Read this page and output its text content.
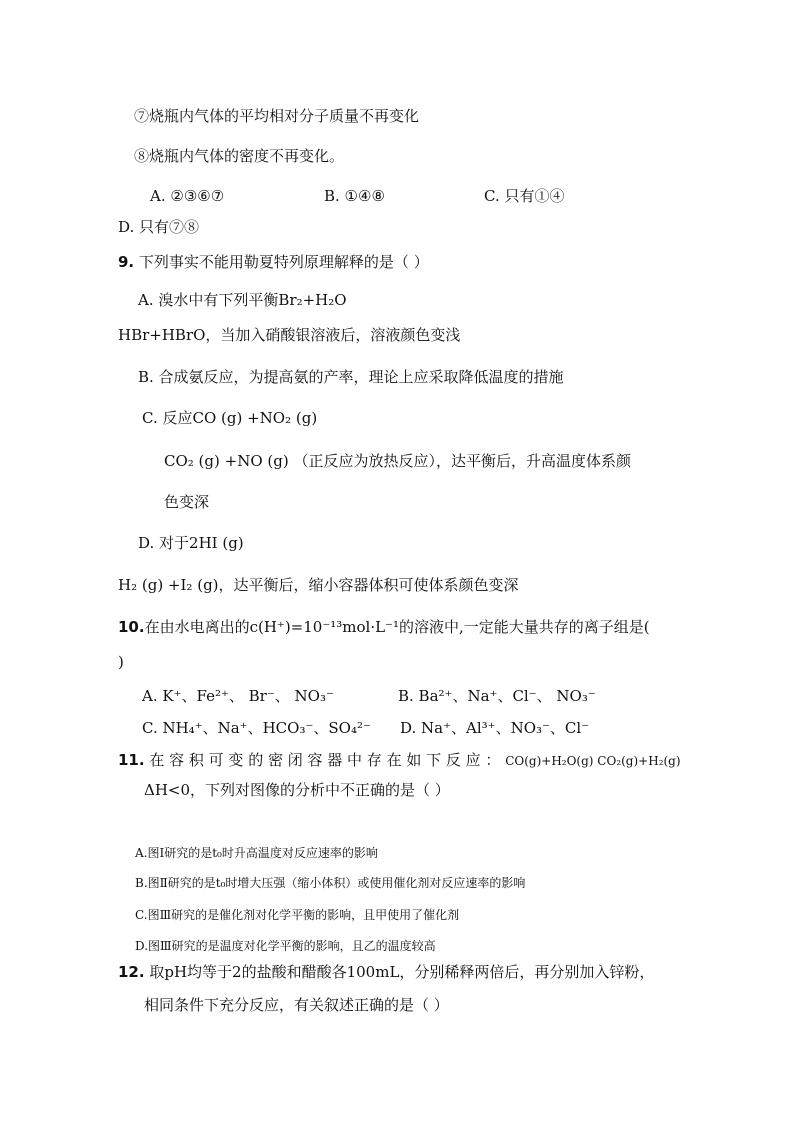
⑦烧瓶内气体的平均相对分子质量不再变化
⑧烧瓶内气体的密度不再变化。
A. ②③⑥⑦	B. ①④⑧	C. 只有①④
D. 只有⑦⑧
9. 下列事实不能用勒夏特列原理解释的是（ ）
A. 溴水中有下列平衡Br₂+H₂O
HBr+HBrO，当加入硝酸银溶液后，溶液颜色变浅
B. 合成氨反应，为提高氨的产率，理论上应采取降低温度的措施
C. 反应CO (g) +NO₂ (g)
CO₂ (g) +NO (g) （正反应为放热反应），达平衡后，升高温度体系颜
色变深
D. 对于2HI (g)
H₂ (g) +I₂ (g)，达平衡后，缩小容器体积可使体系颜色变深
10.在由水电离出的c(H⁺)=10⁻¹³mol·L⁻¹的溶液中,一定能大量共存的离子组是(
)
A. K⁺、Fe²⁺、 Br⁻、 NO₃⁻	B. Ba²⁺、Na⁺、Cl⁻、 NO₃⁻
C. NH₄⁺、Na⁺、HCO₃⁻、SO₄²⁻ D. Na⁺、Al³⁺、NO₃⁻、Cl⁻
11. 在 容 积 可 变 的 密 闭 容 器 中 存 在 如 下 反 应 ： CO(g)+H₂O(g) CO₂(g)+H₂(g)
ΔH<0，下列对图像的分析中不正确的是（ ）
A.图Ⅰ研究的是t₀时升高温度对反应速率的影响
B.图Ⅱ研究的是t₀时增大压强（缩小体积）或使用催化剂对反应速率的影响
C.图Ⅲ研究的是催化剂对化学平衡的影响，且甲使用了催化剂
D.图Ⅲ研究的是温度对化学平衡的影响，且乙的温度较高
12. 取pH均等于2的盐酸和醋酸各100mL，分别稀释两倍后，再分别加入锌粉，
相同条件下充分反应，有关叙述正确的是（ ）
